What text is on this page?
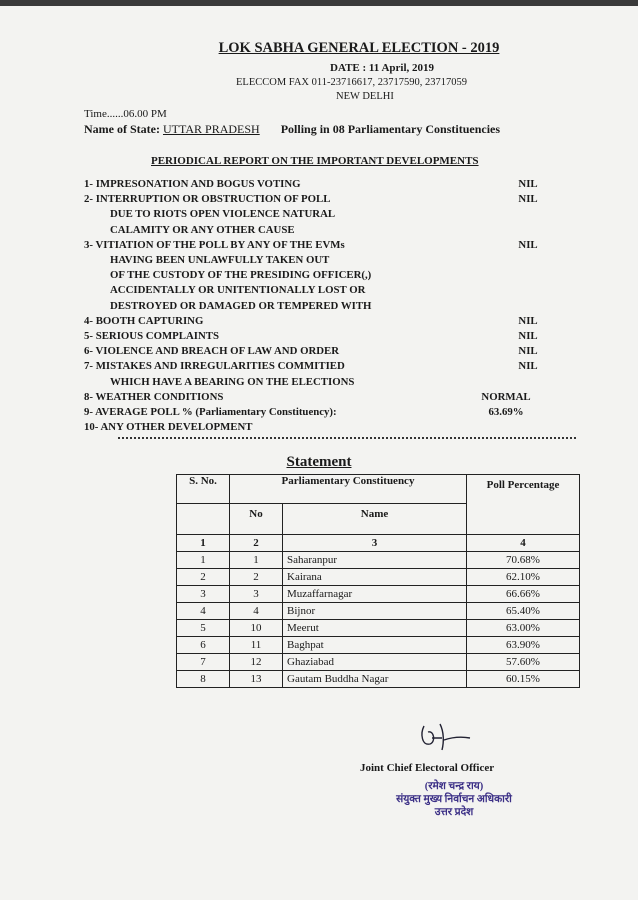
LOK SABHA GENERAL ELECTION - 2019
DATE : 11 April, 2019
ELECCOM FAX 011-23716617, 23717590, 23717059
NEW DELHI
Time......06.00 PM
Name of State: UTTAR PRADESH Polling in 08 Parliamentary Constituencies
PERIODICAL REPORT ON THE IMPORTANT DEVELOPMENTS
1- IMPRESONATION AND BOGUS VOTING	NIL
2- INTERRUPTION OR OBSTRUCTION OF POLL	NIL
DUE TO RIOTS OPEN VIOLENCE NATURAL
CALAMITY OR ANY OTHER CAUSE
3- VITIATION OF THE POLL BY ANY OF THE EVMs	NIL
HAVING BEEN UNLAWFULLY TAKEN OUT
OF THE CUSTODY OF THE PRESIDING OFFICER(,)
ACCIDENTALLY OR UNITENTIONALLY LOST OR
DESTROYED OR DAMAGED OR TEMPERED WITH
4- BOOTH CAPTURING	NIL
5- SERIOUS COMPLAINTS	NIL
6- VIOLENCE AND BREACH OF LAW AND ORDER	NIL
7- MISTAKES AND IRREGULARITIES COMMITIED	NIL
WHICH HAVE A BEARING ON THE ELECTIONS
8- WEATHER CONDITIONS	NORMAL
9- AVERAGE POLL % (Parliamentary Constituency):	63.69%
10- ANY OTHER DEVELOPMENT
Statement
S. No.	Parliamentary Constituency		Poll Percentage

	No	Name	
1	2	3	4
1	1	Saharanpur	70.68%
2	2	Kairana	62.10%
3	3	Muzaffarnagar	66.66%
4	4	Bijnor	65.40%
5	10	Meerut	63.00%
6	11	Baghpat	63.90%
7	12	Ghaziabad	57.60%
8	13	Gautam Buddha Nagar	60.15%
Joint Chief Electoral Officer
(रमेश चन्द्र राय)
संयुक्त मुख्य निर्वाचन अधिकारी
उत्तर प्रदेश
